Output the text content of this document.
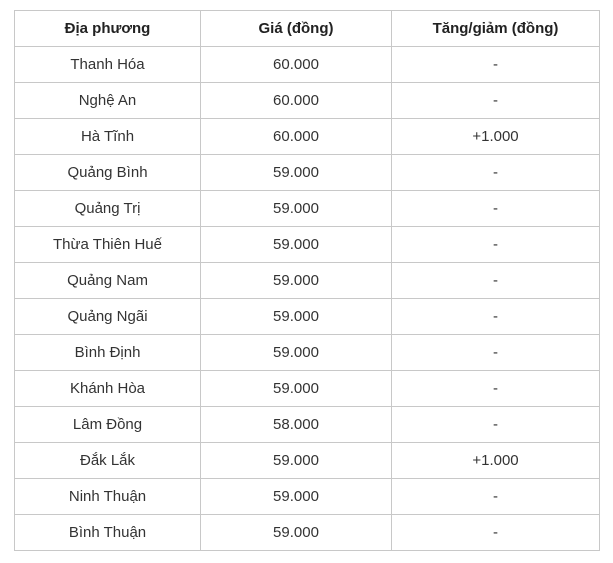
Địa phương	Giá (đồng)	Tăng/giảm (đồng)
Thanh Hóa	60.000	-
Nghệ An	60.000	-
Hà Tĩnh	60.000	+1.000
Quảng Bình	59.000	-
Quảng Trị	59.000	-
Thừa Thiên Huế	59.000	-
Quảng Nam	59.000	-
Quảng Ngãi	59.000	-
Bình Định	59.000	-
Khánh Hòa	59.000	-
Lâm Đồng	58.000	-
Đắk Lắk	59.000	+1.000
Ninh Thuận	59.000	-
Bình Thuận	59.000	-
